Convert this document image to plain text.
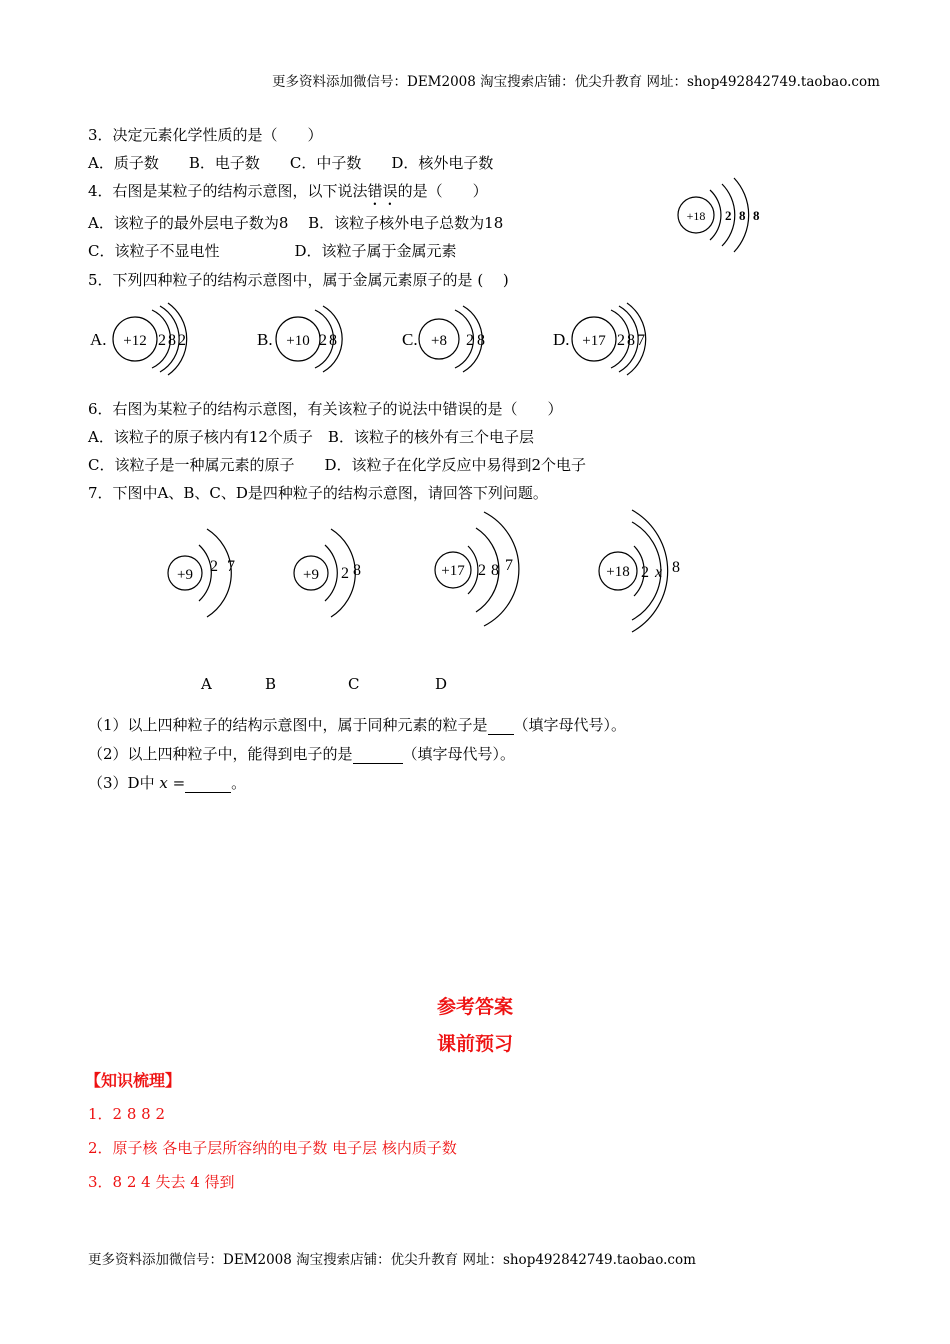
更多资料添加微信号：DEM2008 淘宝搜索店铺：优尖升教育 网址：shop492842749.taobao.com
3．决定元素化学性质的是（　　）
A．质子数　　B．电子数　　C．中子数　　D．核外电子数
4．右图是某粒子的结构示意图，以下说法错误的是（　　）
A．该粒子的最外层电子数为8　 B．该粒子核外电子总数为18
C．该粒子不显电性　　　　　D．该粒子属于金属元素
+18 2 8 8
5．下列四种粒子的结构示意图中，属于金属元素原子的是 (　 )
A. +12 2 8 2	B. +10 2 8	C. +8 2 8	D. +17 2 8 7
6．右图为某粒子的结构示意图，有关该粒子的说法中错误的是（　　）
A．该粒子的原子核内有12个质子　B．该粒子的核外有三个电子层
C．该粒子是一种属元素的原子　　D．该粒子在化学反应中易得到2个电子
7．下图中A、B、C、D是四种粒子的结构示意图，请回答下列问题。
+9 2 7	+9 2 8	+17 2 8 7	+18 2 x 8
A	B	C	D
（1）以上四种粒子的结构示意图中，属于同种元素的粒子是 （填字母代号）。
（2）以上四种粒子中，能得到电子的是	（填字母代号）。
（3）D中 x =	。
参考答案
课前预习
【知识梳理】
1．2 8 8 2
2．原子核 各电子层所容纳的电子数 电子层 核内质子数
3．8 2 4 失去 4 得到
更多资料添加微信号：DEM2008 淘宝搜索店铺：优尖升教育 网址：shop492842749.taobao.com
